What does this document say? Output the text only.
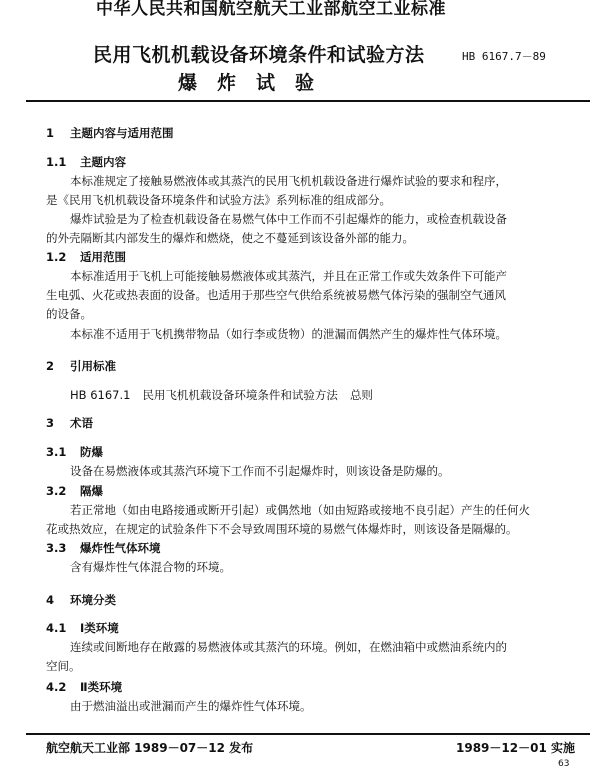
中华人民共和国航空航天工业部航空工业标准
民用飞机机载设备环境条件和试验方法	HB 6167.7－89
爆炸试验
1 主题内容与适用范围
1.1 主题内容
本标准规定了接触易燃液体或其蒸汽的民用飞机机载设备进行爆炸试验的要求和程序，
是《民用飞机机载设备环境条件和试验方法》系列标准的组成部分。
爆炸试验是为了检查机载设备在易燃气体中工作而不引起爆炸的能力，或检查机载设备
的外壳隔断其内部发生的爆炸和燃烧，使之不蔓延到该设备外部的能力。
1.2 适用范围
本标准适用于飞机上可能接触易燃液体或其蒸汽，并且在正常工作或失效条件下可能产
生电弧、火花或热表面的设备。也适用于那些空气供给系统被易燃气体污染的强制空气通风
的设备。
本标准不适用于飞机携带物品（如行李或货物）的泄漏而偶然产生的爆炸性气体环境。
2 引用标准
HB 6167.1 民用飞机机载设备环境条件和试验方法 总则
3 术语
3.1 防爆
设备在易燃液体或其蒸汽环境下工作而不引起爆炸时，则该设备是防爆的。
3.2 隔爆
若正常地（如由电路接通或断开引起）或偶然地（如由短路或接地不良引起）产生的任何火
花或热效应，在规定的试验条件下不会导致周围环境的易燃气体爆炸时，则该设备是隔爆的。
3.3 爆炸性气体环境
含有爆炸性气体混合物的环境。
4 环境分类
4.1 Ⅰ类环境
连续或间断地存在敞露的易燃液体或其蒸汽的环境。例如，在燃油箱中或燃油系统内的
空间。
4.2 Ⅱ类环境
由于燃油溢出或泄漏而产生的爆炸性气体环境。
航空航天工业部 1989－07－12 发布	1989－12－01 实施
63
